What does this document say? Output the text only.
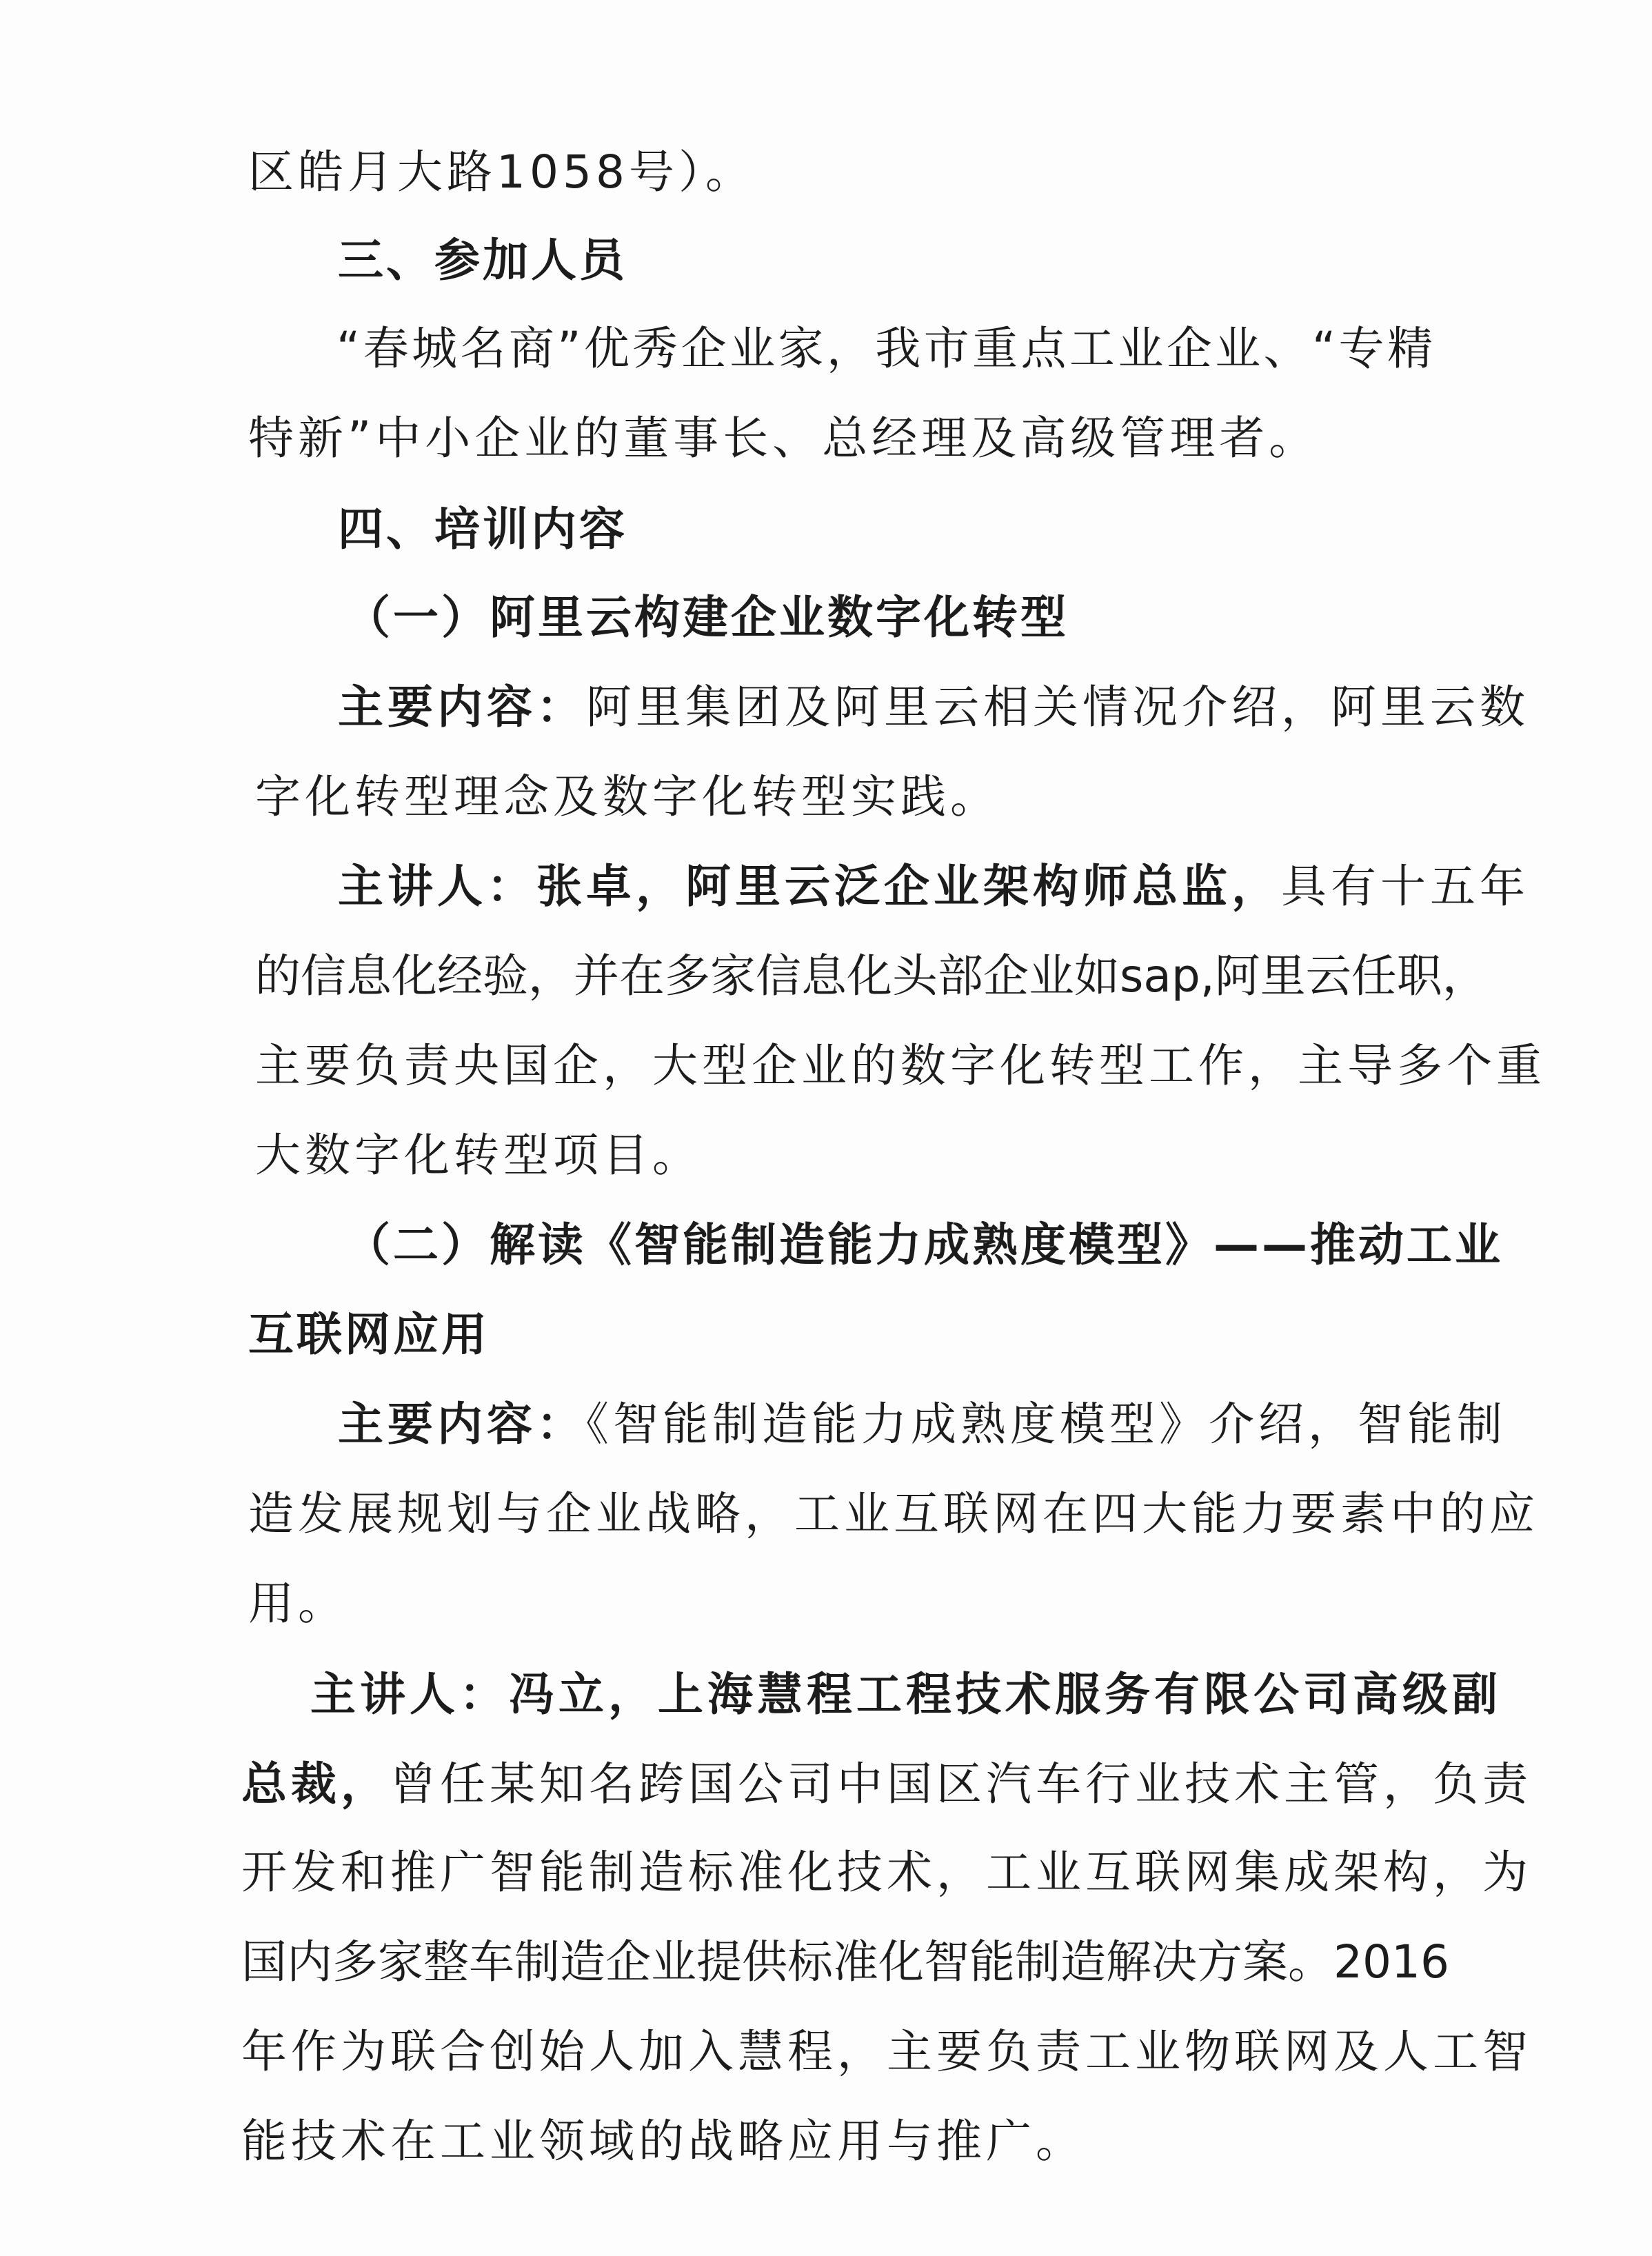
区皓月大路1058号）。
三、参加人员
“ 春 城 名 商 ” 优 秀 企 业 家 ， 我 市 重 点 工 业 企 业 、 “ 专 精
特新”中小企业的董事长、总经理及高级管理者。
四、培训内容
（一）阿里云构建企业数字化转型
主要内容：阿里集团及阿里云相关情况介绍，阿里云数
字化转型理念及数字化转型实践。
主讲人：张卓，阿里云泛企业架构师总监，具有十五年
的 信 息 化 经 验 ， 并 在 多 家 信 息 化 头 部 企 业 如 s a p , 阿 里 云 任 职 ，
主要负责央国企，大型企业的数字化转型工作，主导多个重
大数字化转型项目。
（二）解读《智能制造能力成熟度模型》——推动工业
互联网应用
主要内容：《智能制造能力成熟度模型》介绍，智能制
造发展规划与企业战略，工业互联网在四大能力要素中的应
用。
主讲人：冯立，上海慧程工程技术服务有限公司高级副
总裁，曾任某知名跨国公司中国区汽车行业技术主管，负责
开发和推广智能制造标准化技术，工业互联网集成架构，为
国 内 多 家 整 车 制 造 企 业 提 供 标 准 化 智 能 制 造 解 决 方 案 。 2 0 1 6
年作为联合创始人加入慧程，主要负责工业物联网及人工智
能技术在工业领域的战略应用与推广。
